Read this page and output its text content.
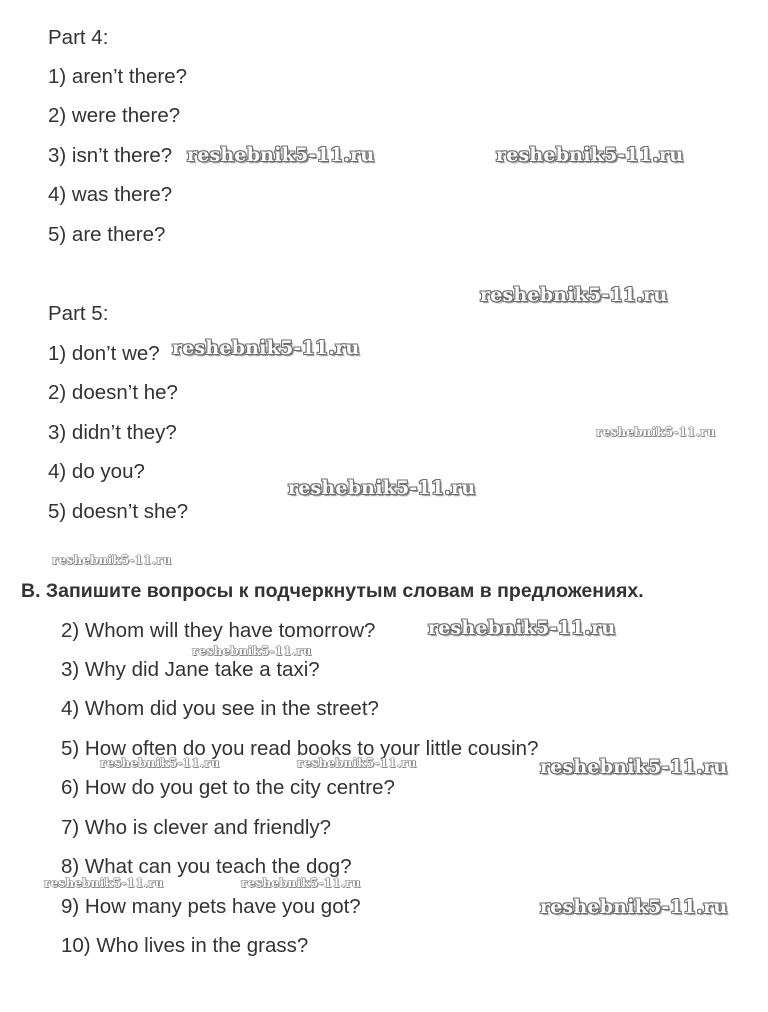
Part 4:
1) aren’t there?
2) were there?
3) isn’t there?
4) was there?
5) are there?
Part 5:
1) don’t we?
2) doesn’t he?
3) didn’t they?
4) do you?
5) doesn’t she?
B. Запишите вопросы к подчеркнутым словам в предложениях.
2) Whom will they have tomorrow?
3) Why did Jane take a taxi?
4) Whom did you see in the street?
5) How often do you read books to your little cousin?
6) How do you get to the city centre?
7) Who is clever and friendly?
8) What can you teach the dog?
9) How many pets have you got?
10) Who lives in the grass?
reshebnik5-11.ru	reshebnik5-11.ru
reshebnik5-11.ru
reshebnik5-11.ru
reshebnik5-11.ru
reshebnik5-11.ru
reshebnik5-11.ru
reshebnik5-11.ru
reshebnik5-11.ru
reshebnik5-11.ru	reshebnik5-11.ru	reshebnik5-11.ru
reshebnik5-11.ru	reshebnik5-11.ru
reshebnik5-11.ru
